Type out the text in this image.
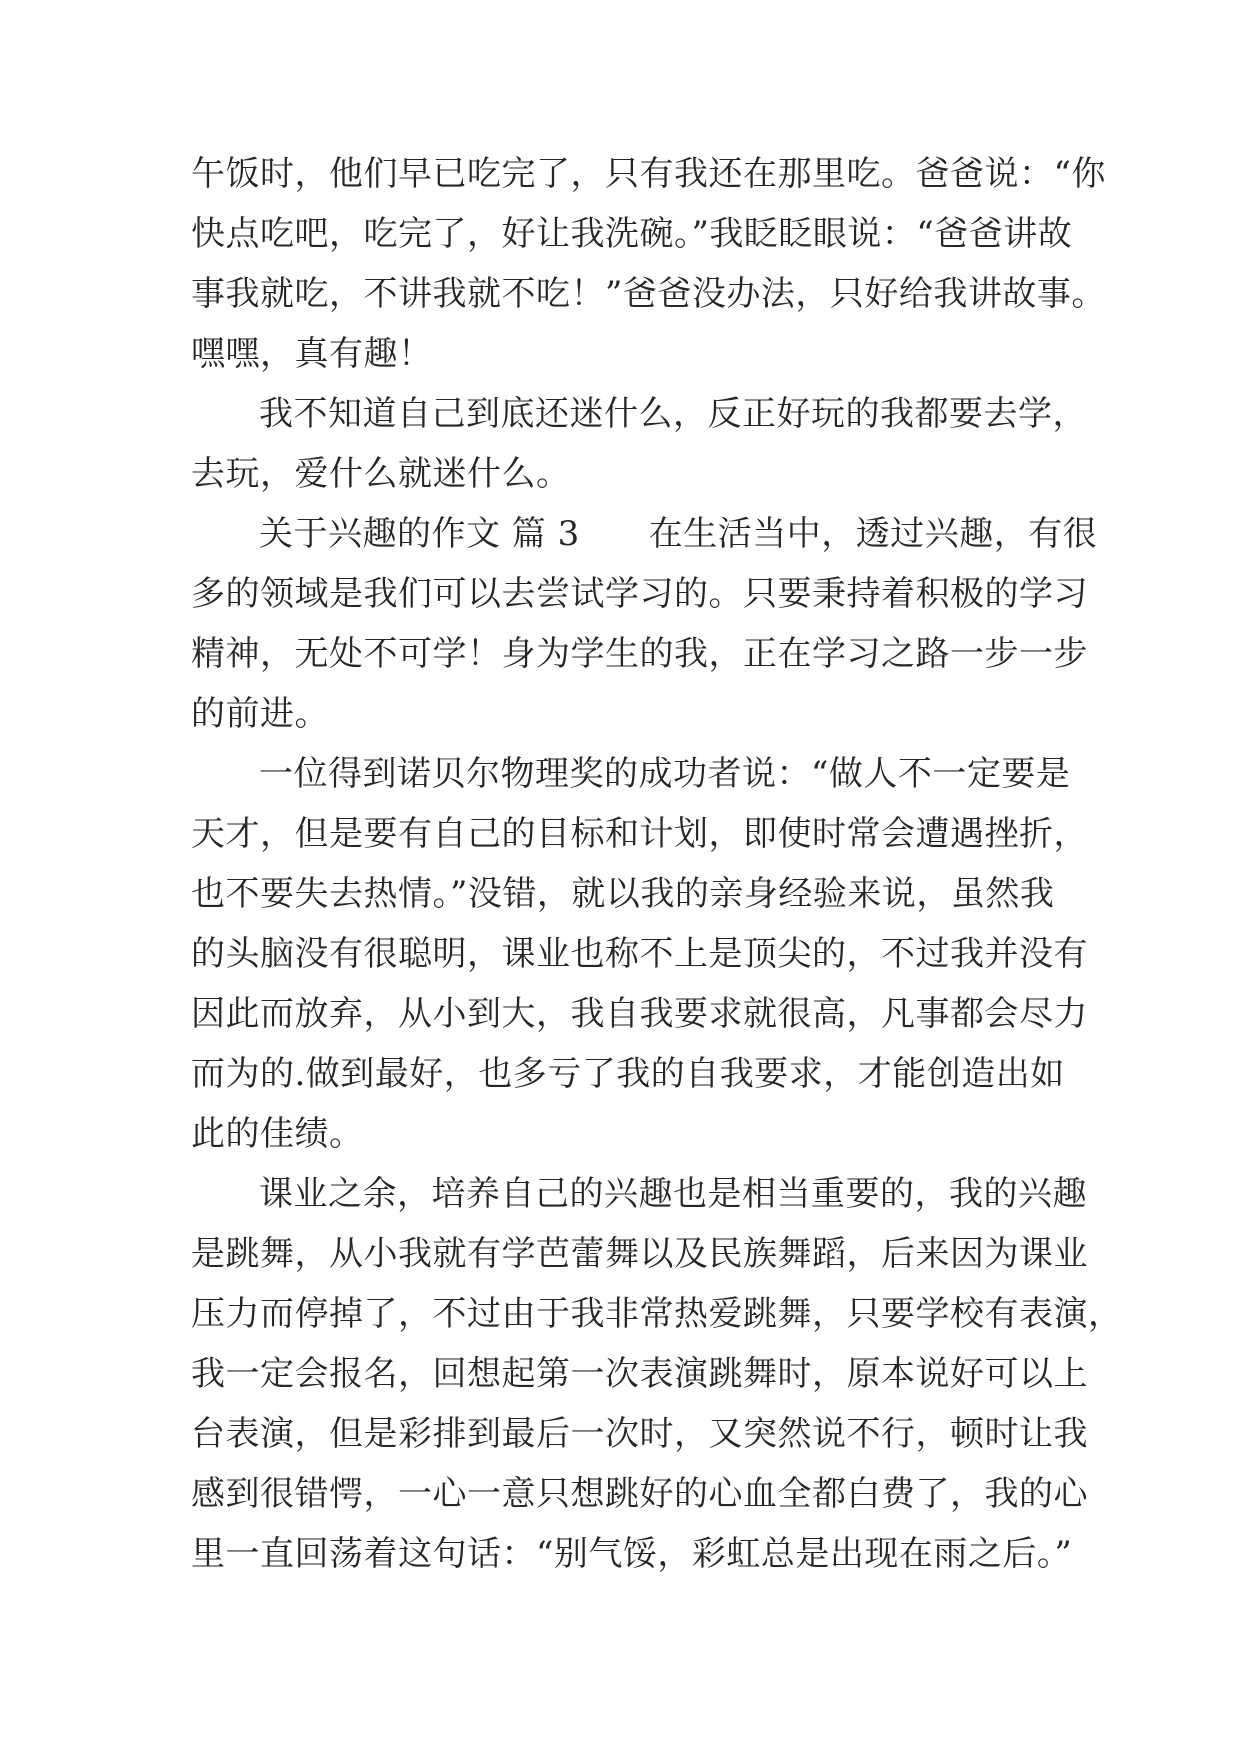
午饭时，他们早已吃完了，只有我还在那里吃。爸爸说：“你
快点吃吧，吃完了，好让我洗碗。”我眨眨眼说：“爸爸讲故
事我就吃，不讲我就不吃！”爸爸没办法，只好给我讲故事。
嘿嘿，真有趣！
我不知道自己到底还迷什么，反正好玩的我都要去学，
去玩，爱什么就迷什么。
关于兴趣的作文 篇 3　　在生活当中，透过兴趣，有很
多的领域是我们可以去尝试学习的。只要秉持着积极的学习
精神，无处不可学！身为学生的我，正在学习之路一步一步
的前进。
一位得到诺贝尔物理奖的成功者说：“做人不一定要是
天才，但是要有自己的目标和计划，即使时常会遭遇挫折，
也不要失去热情。”没错，就以我的亲身经验来说，虽然我
的头脑没有很聪明，课业也称不上是顶尖的，不过我并没有
因此而放弃，从小到大，我自我要求就很高，凡事都会尽力
而为的.做到最好，也多亏了我的自我要求，才能创造出如
此的佳绩。
课业之余，培养自己的兴趣也是相当重要的，我的兴趣
是跳舞，从小我就有学芭蕾舞以及民族舞蹈，后来因为课业
压力而停掉了，不过由于我非常热爱跳舞，只要学校有表演，
我一定会报名，回想起第一次表演跳舞时，原本说好可以上
台表演，但是彩排到最后一次时，又突然说不行，顿时让我
感到很错愕，一心一意只想跳好的心血全都白费了，我的心
里一直回荡着这句话：“别气馁，彩虹总是出现在雨之后。”
